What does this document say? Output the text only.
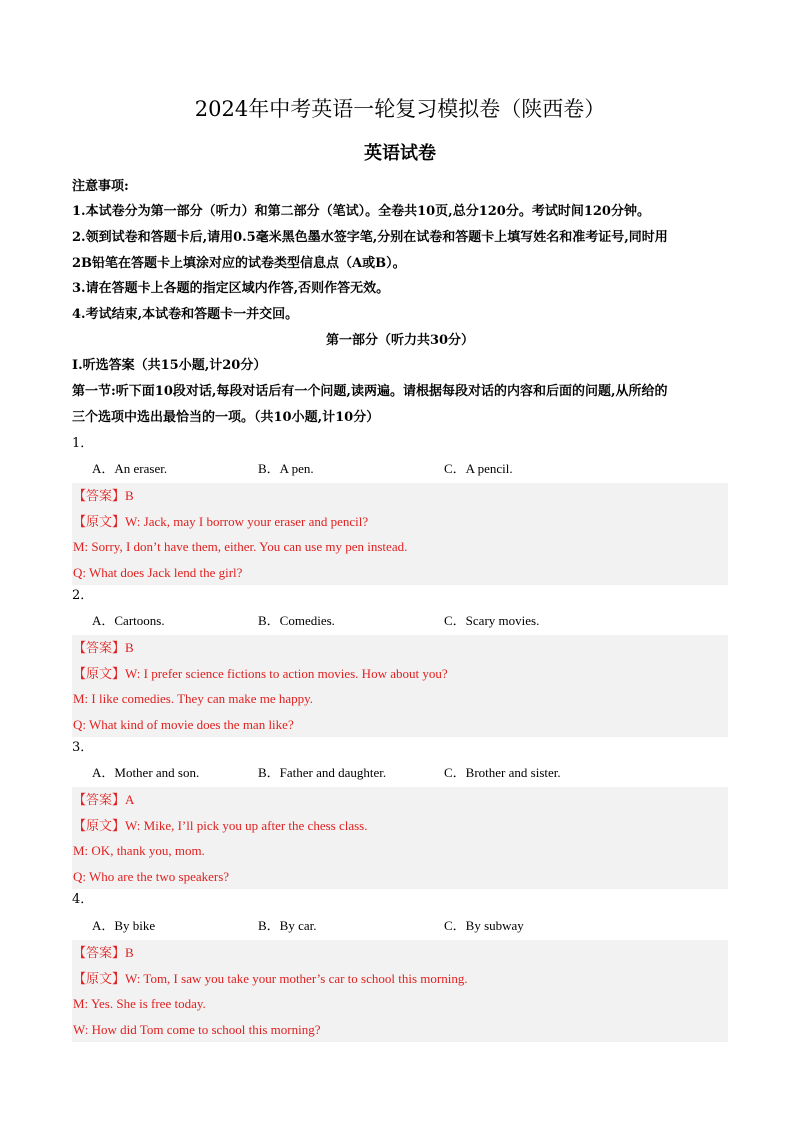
2024年中考英语一轮复习模拟卷（陕西卷）
英语试卷
注意事项:
1.本试卷分为第一部分（听力）和第二部分（笔试）。全卷共10页,总分120分。考试时间120分钟。
2.领到试卷和答题卡后,请用0.5毫米黑色墨水签字笔,分别在试卷和答题卡上填写姓名和准考证号,同时用
2B铅笔在答题卡上填涂对应的试卷类型信息点（A或B）。
3.请在答题卡上各题的指定区域内作答,否则作答无效。
4.考试结束,本试卷和答题卡一并交回。
第一部分（听力共30分）
I.听选答案（共15小题,计20分）
第一节:听下面10段对话,每段对话后有一个问题,读两遍。请根据每段对话的内容和后面的问题,从所给的
三个选项中选出最恰当的一项。（共10小题,计10分）
1．
A．An eraser.	B．A pen.	C．A pencil.
【答案】B
【原文】W: Jack, may I borrow your eraser and pencil?
M: Sorry, I don’t have them, either. You can use my pen instead.
Q: What does Jack lend the girl?
2．
A．Cartoons.	B．Comedies.	C．Scary movies.
【答案】B
【原文】W: I prefer science fictions to action movies. How about you?
M: I like comedies. They can make me happy.
Q: What kind of movie does the man like?
3．
A．Mother and son.	B．Father and daughter.	C．Brother and sister.
【答案】A
【原文】W: Mike, I’ll pick you up after the chess class.
M: OK, thank you, mom.
Q: Who are the two speakers?
4．
A．By bike	B．By car.	C．By subway
【答案】B
【原文】W: Tom, I saw you take your mother’s car to school this morning.
M: Yes. She is free today.
W: How did Tom come to school this morning?
